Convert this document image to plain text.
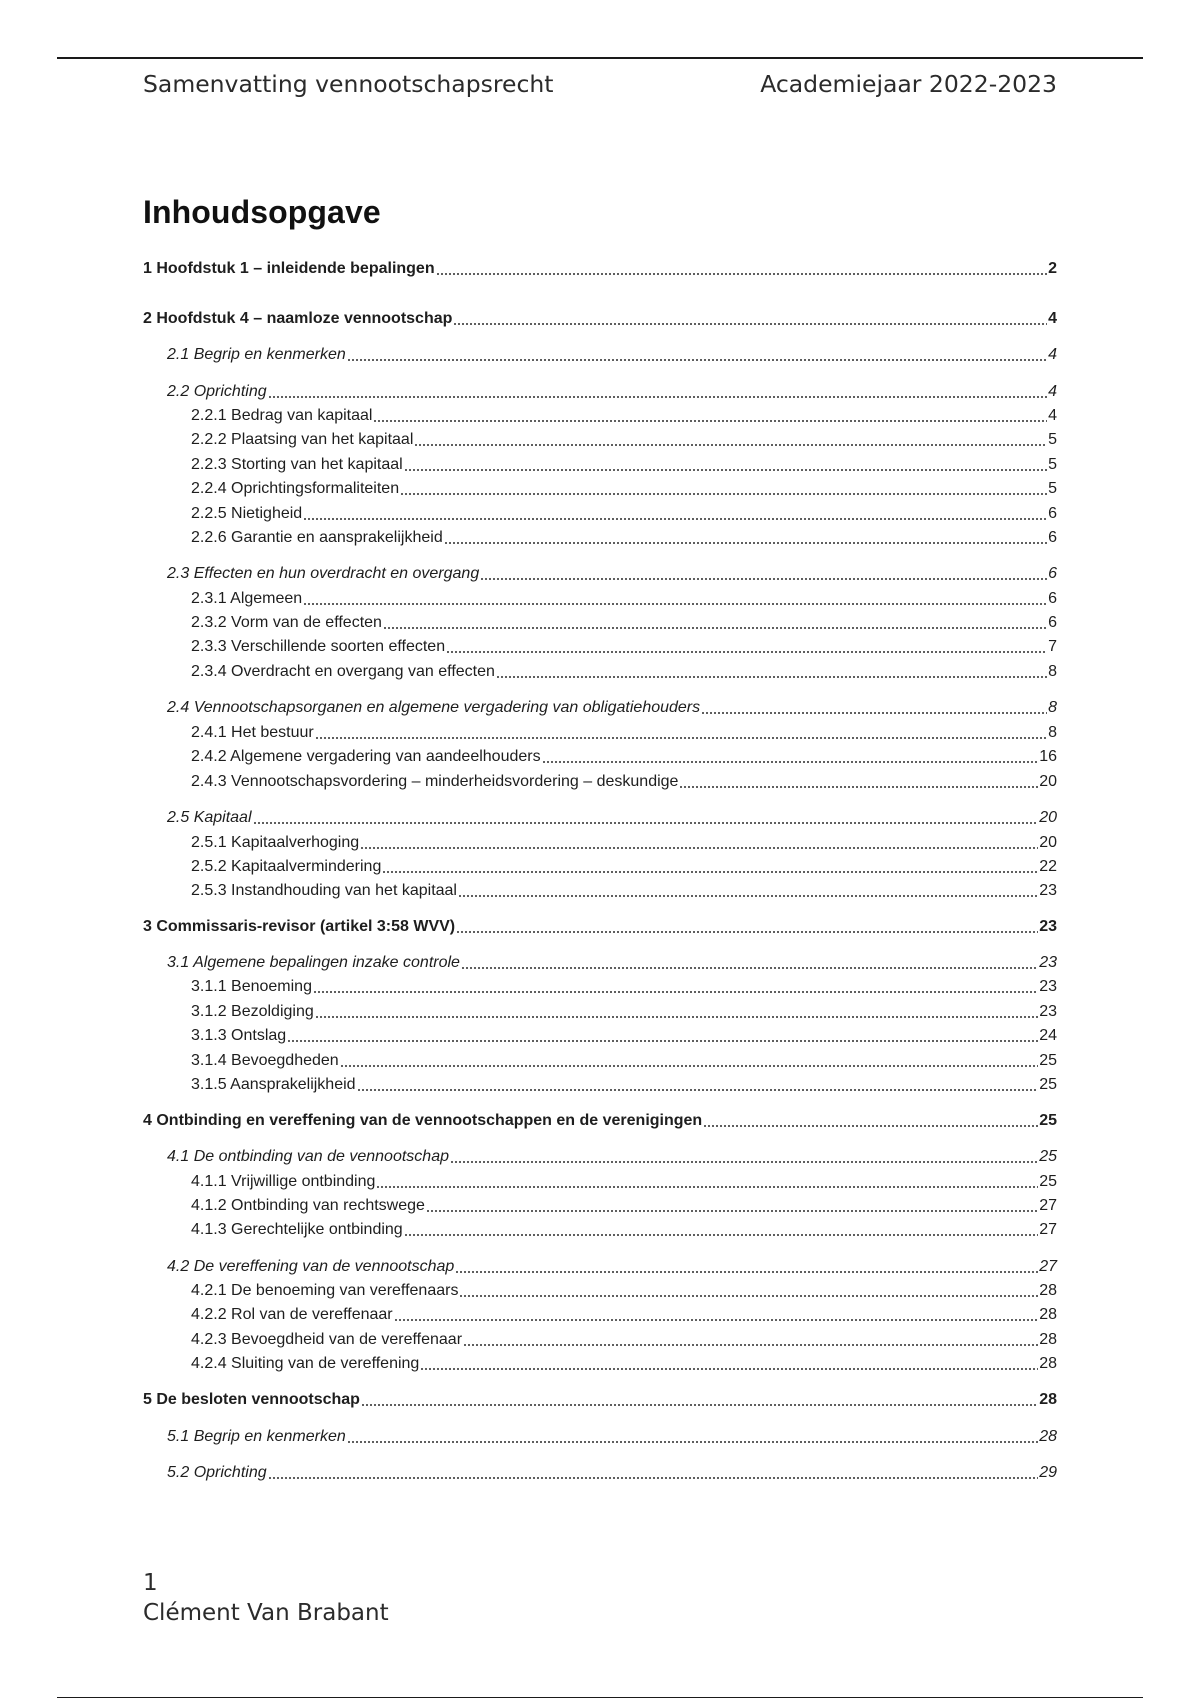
Samenvatting vennootschapsrecht	Academiejaar 2022-2023
Inhoudsopgave
1 Hoofdstuk 1 – inleidende bepalingen	2
2 Hoofdstuk 4 – naamloze vennootschap	4
2.1 Begrip en kenmerken	4
2.2 Oprichting	4
2.2.1 Bedrag van kapitaal	4
2.2.2 Plaatsing van het kapitaal	5
2.2.3 Storting van het kapitaal	5
2.2.4 Oprichtingsformaliteiten	5
2.2.5 Nietigheid	6
2.2.6 Garantie en aansprakelijkheid	6
2.3 Effecten en hun overdracht en overgang	6
2.3.1 Algemeen	6
2.3.2 Vorm van de effecten	6
2.3.3 Verschillende soorten effecten	7
2.3.4 Overdracht en overgang van effecten	8
2.4 Vennootschapsorganen en algemene vergadering van obligatiehouders	8
2.4.1 Het bestuur	8
2.4.2 Algemene vergadering van aandeelhouders	16
2.4.3 Vennootschapsvordering – minderheidsvordering – deskundige	20
2.5 Kapitaal	20
2.5.1 Kapitaalverhoging	20
2.5.2 Kapitaalvermindering	22
2.5.3 Instandhouding van het kapitaal	23
3 Commissaris-revisor (artikel 3:58 WVV)	23
3.1 Algemene bepalingen inzake controle	23
3.1.1 Benoeming	23
3.1.2 Bezoldiging	23
3.1.3 Ontslag	24
3.1.4 Bevoegdheden	25
3.1.5 Aansprakelijkheid	25
4 Ontbinding en vereffening van de vennootschappen en de verenigingen	25
4.1 De ontbinding van de vennootschap	25
4.1.1 Vrijwillige ontbinding	25
4.1.2 Ontbinding van rechtswege	27
4.1.3 Gerechtelijke ontbinding	27
4.2 De vereffening van de vennootschap	27
4.2.1 De benoeming van vereffenaars	28
4.2.2 Rol van de vereffenaar	28
4.2.3 Bevoegdheid van de vereffenaar	28
4.2.4 Sluiting van de vereffening	28
5 De besloten vennootschap	28
5.1 Begrip en kenmerken	28
5.2 Oprichting	29
1
Clément Van Brabant
